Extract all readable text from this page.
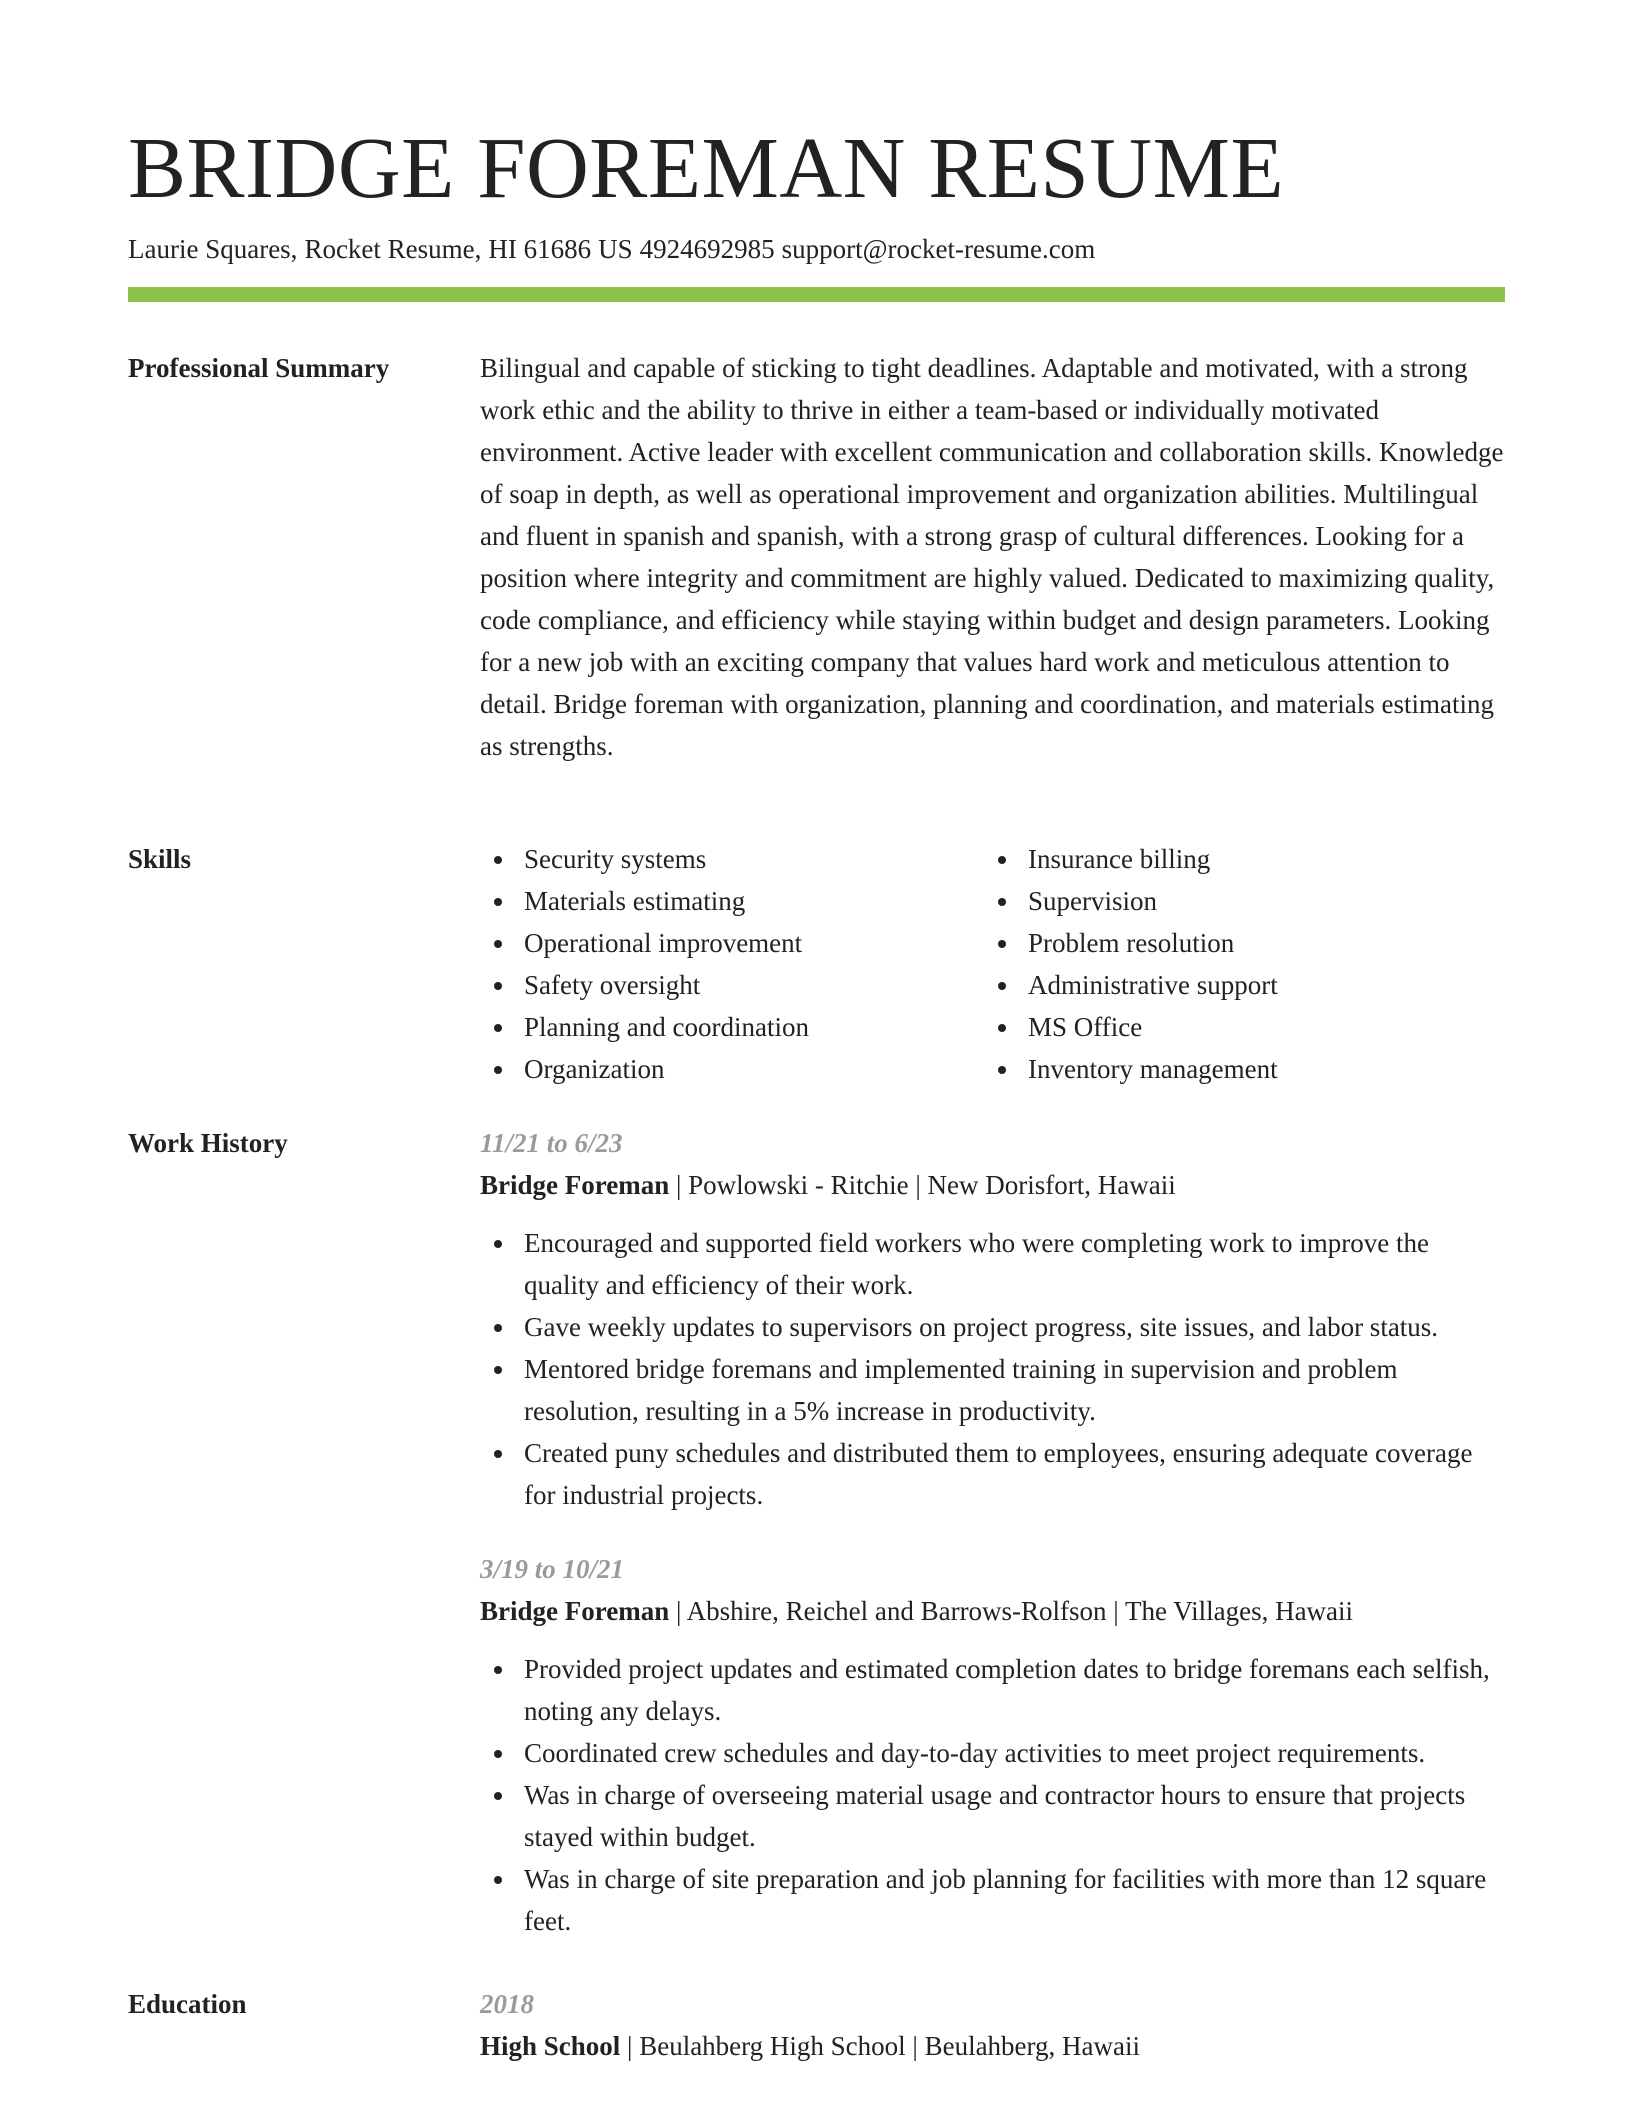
BRIDGE FOREMAN RESUME
Laurie Squares, Rocket Resume, HI 61686 US 4924692985 support@rocket-resume.com
Professional Summary	Bilingual and capable of sticking to tight deadlines. Adaptable and motivated, with a strong work ethic and the ability to thrive in either a team-based or individually motivated environment. Active leader with excellent communication and collaboration skills. Knowledge of soap in depth, as well as operational improvement and organization abilities. Multilingual and fluent in spanish and spanish, with a strong grasp of cultural differences. Looking for a position where integrity and commitment are highly valued. Dedicated to maximizing quality, code compliance, and efficiency while staying within budget and design parameters. Looking for a new job with an exciting company that values hard work and meticulous attention to detail. Bridge foreman with organization, planning and coordination, and materials estimating as strengths.

Skills	Security systems
Materials estimating
Operational improvement
Safety oversight
Planning and coordination
Organization
Insurance billing
Supervision
Problem resolution
Administrative support
MS Office
Inventory management
Work History	11/21 to 6/23
Bridge Foreman | Powlowski - Ritchie | New Dorisfort, Hawaii
Encouraged and supported field workers who were completing work to improve the quality and efficiency of their work.
Gave weekly updates to supervisors on project progress, site issues, and labor status.
Mentored bridge foremans and implemented training in supervision and problem resolution, resulting in a 5% increase in productivity.
Created puny schedules and distributed them to employees, ensuring adequate coverage for industrial projects.
3/19 to 10/21
Bridge Foreman | Abshire, Reichel and Barrows-Rolfson | The Villages, Hawaii
Provided project updates and estimated completion dates to bridge foremans each selfish, noting any delays.
Coordinated crew schedules and day-to-day activities to meet project requirements.
Was in charge of overseeing material usage and contractor hours to ensure that projects stayed within budget.
Was in charge of site preparation and job planning for facilities with more than 12 square feet.
Education	2018
High School | Beulahberg High School | Beulahberg, Hawaii
